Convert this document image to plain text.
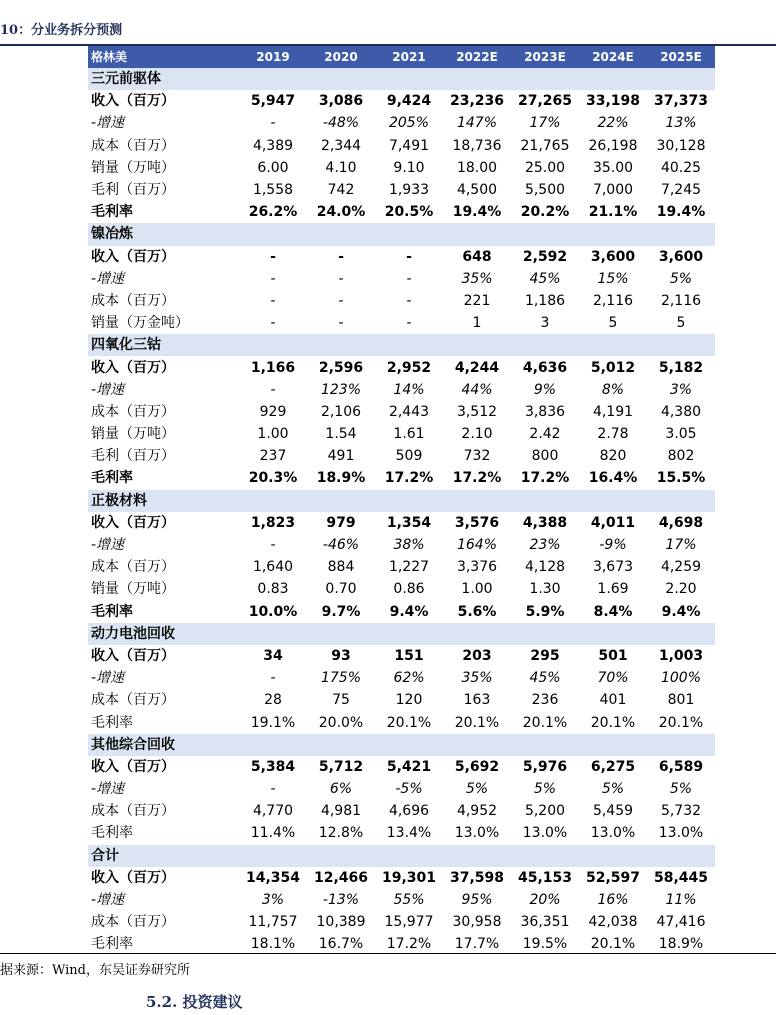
10：分业务拆分预测
格林美	2019	2020	2021	2022E	2023E	2024E	2025E
三元前驱体							
收入（百万）	5,947	3,086	9,424	23,236	27,265	33,198	37,373
-增速	-	-48%	205%	147%	17%	22%	13%
成本（百万）	4,389	2,344	7,491	18,736	21,765	26,198	30,128
销量（万吨）	6.00	4.10	9.10	18.00	25.00	35.00	40.25
毛利（百万）	1,558	742	1,933	4,500	5,500	7,000	7,245
毛利率	26.2%	24.0%	20.5%	19.4%	20.2%	21.1%	19.4%
镍冶炼							
收入（百万）	-	-	-	648	2,592	3,600	3,600
-增速	-	-	-	35%	45%	15%	5%
成本（百万）	-	-	-	221	1,186	2,116	2,116
销量（万金吨）	-	-	-	1	3	5	5
四氧化三钴							
收入（百万）	1,166	2,596	2,952	4,244	4,636	5,012	5,182
-增速	-	123%	14%	44%	9%	8%	3%
成本（百万）	929	2,106	2,443	3,512	3,836	4,191	4,380
销量（万吨）	1.00	1.54	1.61	2.10	2.42	2.78	3.05
毛利（百万）	237	491	509	732	800	820	802
毛利率	20.3%	18.9%	17.2%	17.2%	17.2%	16.4%	15.5%
正极材料							
收入（百万）	1,823	979	1,354	3,576	4,388	4,011	4,698
-增速	-	-46%	38%	164%	23%	-9%	17%
成本（百万）	1,640	884	1,227	3,376	4,128	3,673	4,259
销量（万吨）	0.83	0.70	0.86	1.00	1.30	1.69	2.20
毛利率	10.0%	9.7%	9.4%	5.6%	5.9%	8.4%	9.4%
动力电池回收							
收入（百万）	34	93	151	203	295	501	1,003
-增速	-	175%	62%	35%	45%	70%	100%
成本（百万）	28	75	120	163	236	401	801
毛利率	19.1%	20.0%	20.1%	20.1%	20.1%	20.1%	20.1%
其他综合回收							
收入（百万）	5,384	5,712	5,421	5,692	5,976	6,275	6,589
-增速	-	6%	-5%	5%	5%	5%	5%
成本（百万）	4,770	4,981	4,696	4,952	5,200	5,459	5,732
毛利率	11.4%	12.8%	13.4%	13.0%	13.0%	13.0%	13.0%
合计							
收入（百万）	14,354	12,466	19,301	37,598	45,153	52,597	58,445
-增速	3%	-13%	55%	95%	20%	16%	11%
成本（百万）	11,757	10,389	15,977	30,958	36,351	42,038	47,416
毛利率	18.1%	16.7%	17.2%	17.7%	19.5%	20.1%	18.9%
据来源：Wind，东吴证券研究所
5.2. 投资建议
